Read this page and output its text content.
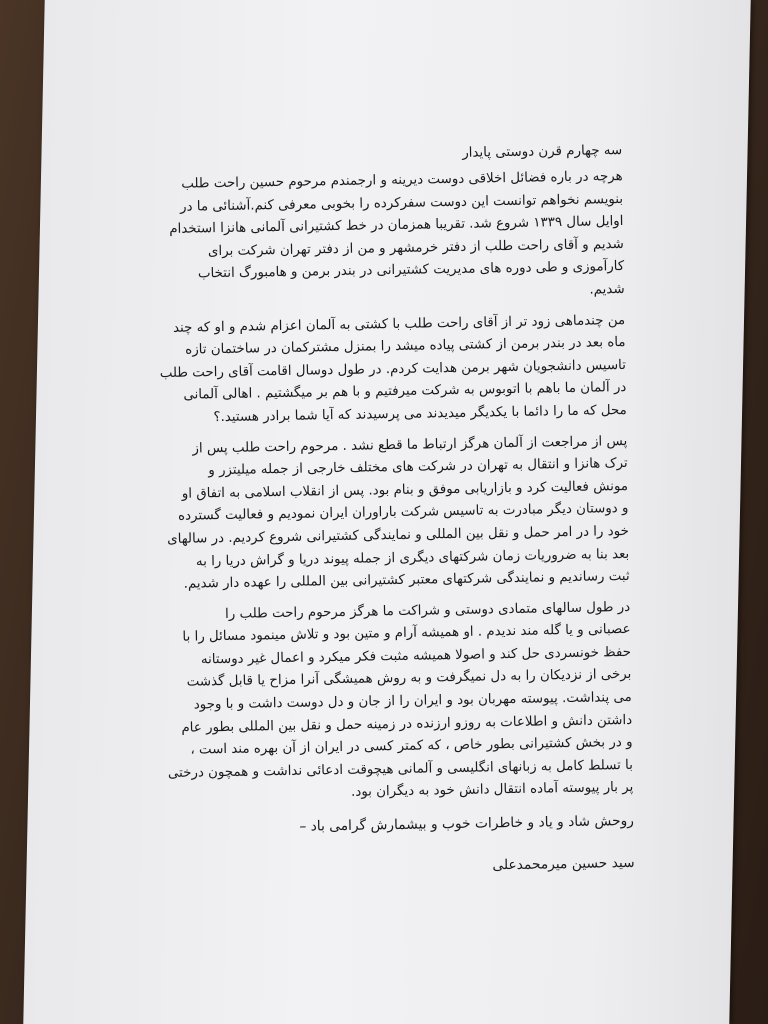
سه چهارم قرن دوستی پایدار
هرچه در باره فضائل اخلاقی دوست دیرینه و ارجمندم مرحوم حسین راحت طلب
بنویسم نخواهم توانست این دوست سفرکرده را بخوبی معرفی کنم.آشنائی ما در
اوایل سال ۱۳۳۹ شروع شد. تقریبا همزمان در خط کشتیرانی آلمانی هانزا استخدام
شدیم و آقای راحت طلب از دفتر خرمشهر و من از دفتر تهران شرکت برای
کارآموزی و طی دوره های مدیریت کشتیرانی در بندر برمن و هامبورگ انتخاب
شدیم.
من چندماهی زود تر از آقای راحت طلب با کشتی به آلمان اعزام شدم و او که چند
ماه بعد در بندر برمن از کشتی پیاده میشد را بمنزل مشترکمان در ساختمان تازه
تاسیس دانشجویان شهر برمن هدایت کردم. در طول دوسال اقامت آقای راحت طلب
در آلمان ما باهم با اتوبوس به شرکت میرفتیم و با هم بر میگشتیم . اهالی آلمانی
محل که ما را دائما با یکدیگر میدیدند می پرسیدند که آیا شما برادر هستید.؟
پس از مراجعت از آلمان هرگز ارتباط ما قطع نشد . مرحوم راحت طلب پس از
ترک هانزا و انتقال به تهران در شرکت های مختلف خارجی از جمله میلیتزر و
مونش فعالیت کرد و بازاریابی موفق و بنام بود. پس از انقلاب اسلامی به اتفاق او
و دوستان دیگر مبادرت به تاسیس شرکت باراوران ایران نمودیم و فعالیت گسترده
خود را در امر حمل و نقل بین المللی و نمایندگی کشتیرانی شروع کردیم. در سالهای
بعد بنا به ضروریات زمان شرکتهای دیگری از جمله پیوند دریا و گراش دریا را به
ثبت رساندیم و نمایندگی شرکتهای معتبر کشتیرانی بین المللی را عهده دار شدیم.
در طول سالهای متمادی دوستی و شراکت ما هرگز مرحوم راحت طلب را
عصبانی و یا گله مند ندیدم . او همیشه آرام و متین بود و تلاش مینمود مسائل را با
حفظ خونسردی حل کند و اصولا همیشه مثبت فکر میکرد و اعمال غیر دوستانه
برخی از نزدیکان را به دل نمیگرفت و به روش همیشگی آنرا مزاح یا قابل گذشت
می پنداشت. پیوسته مهربان بود و ایران را از جان و دل دوست داشت و با وجود
داشتن دانش و اطلاعات به روزو ارزنده در زمینه حمل و نقل بین المللی بطور عام
و در بخش کشتیرانی بطور خاص ، که کمتر کسی در ایران از آن بهره مند است ،
با تسلط کامل به زبانهای انگلیسی و آلمانی هیچوقت ادعائی نداشت و همچون درختی
پر بار پیوسته آماده انتقال دانش خود به دیگران بود.
روحش شاد و یاد و خاطرات خوب و بیشمارش گرامی باد –
سید حسین میرمحمدعلی
